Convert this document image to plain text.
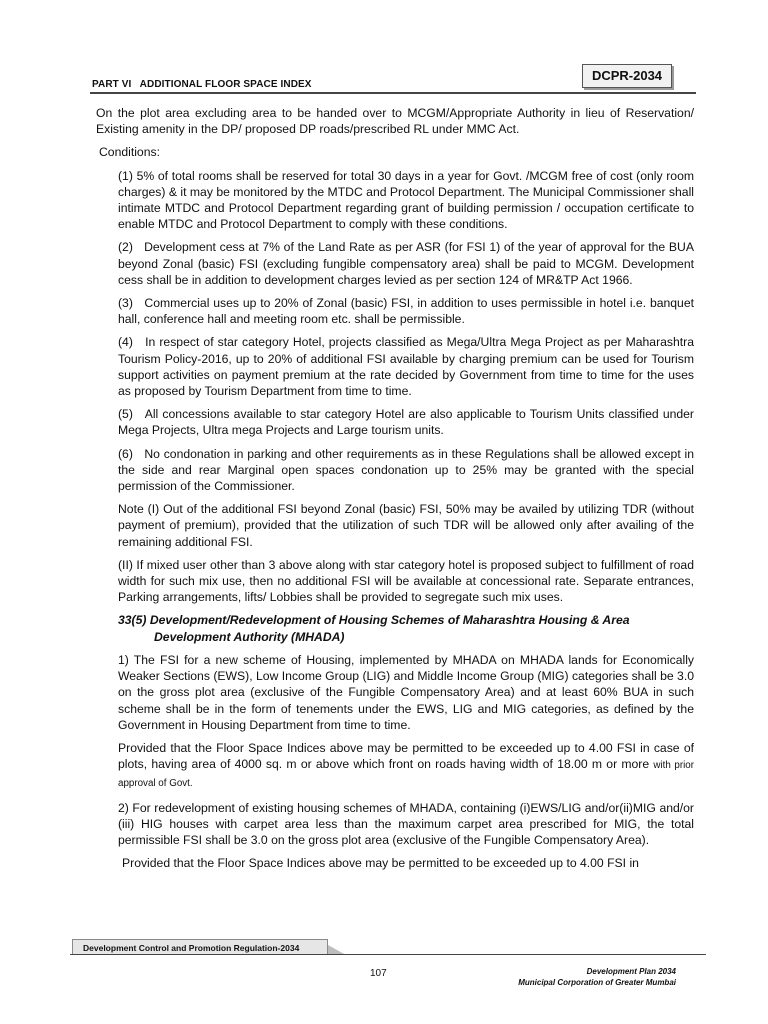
DCPR-2034
PART VI   ADDITIONAL FLOOR SPACE INDEX

On the plot area excluding area to be handed over to MCGM/Appropriate Authority in lieu of Reservation/ Existing amenity in the DP/ proposed DP roads/prescribed RL under MMC Act.

Conditions:

(1) 5% of total rooms shall be reserved for total 30 days in a year for Govt. /MCGM free of cost (only room charges) & it may be monitored by the MTDC and Protocol Department. The Municipal Commissioner shall intimate MTDC and Protocol Department regarding grant of building permission / occupation certificate to enable MTDC and Protocol Department to comply with these conditions.

(2)   Development cess at 7% of the Land Rate as per ASR (for FSI 1) of the year of approval for the BUA beyond Zonal (basic) FSI (excluding fungible compensatory area) shall be paid to MCGM. Development cess shall be in addition to development charges levied as per section 124 of MR&TP Act 1966.

(3)   Commercial uses up to 20% of Zonal (basic) FSI, in addition to uses permissible in hotel i.e. banquet hall, conference hall and meeting room etc. shall be permissible.

(4)   In respect of star category Hotel, projects classified as Mega/Ultra Mega Project as per Maharashtra Tourism Policy-2016, up to 20% of additional FSI available by charging premium can be used for Tourism support activities on payment premium at the rate decided by Government from time to time for the uses as proposed by Tourism Department from time to time.

(5)   All concessions available to star category Hotel are also applicable to Tourism Units classified under Mega Projects, Ultra mega Projects and Large tourism units.

(6)   No condonation in parking and other requirements as in these Regulations shall be allowed except in the side and rear Marginal open spaces condonation up to 25% may be granted with the special permission of the Commissioner.

Note (I) Out of the additional FSI beyond Zonal (basic) FSI, 50% may be availed by utilizing TDR (without payment of premium), provided that the utilization of such TDR will be allowed only after availing of the remaining additional FSI.

(II) If mixed user other than 3 above along with star category hotel is proposed subject to fulfillment of road width for such mix use, then no additional FSI will be available at concessional rate. Separate entrances, Parking arrangements, lifts/ Lobbies shall be provided to segregate such mix uses.

33(5) Development/Redevelopment of Housing Schemes of Maharashtra Housing & Area
Development Authority (MHADA)

1) The FSI for a new scheme of Housing, implemented by MHADA on MHADA lands for Economically Weaker Sections (EWS), Low Income Group (LIG) and Middle Income Group (MIG) categories shall be 3.0 on the gross plot area (exclusive of the Fungible Compensatory Area) and at least 60% BUA in such scheme shall be in the form of tenements under the EWS, LIG and MIG categories, as defined by the Government in Housing Department from time to time.

Provided that the Floor Space Indices above may be permitted to be exceeded up to 4.00 FSI in case of plots, having area of 4000 sq. m or above which front on roads having width of 18.00 m or more with prior approval of Govt.

2) For redevelopment of existing housing schemes of MHADA, containing (i)EWS/LIG and/or(ii)MIG and/or (iii) HIG houses with carpet area less than the maximum carpet area prescribed for MIG, the total permissible FSI shall be 3.0 on the gross plot area (exclusive of the Fungible Compensatory Area).

Provided that the Floor Space Indices above may be permitted to be exceeded up to 4.00 FSI in

Development Control and Promotion Regulation-2034
107	Development Plan 2034
Municipal Corporation of Greater Mumbai
